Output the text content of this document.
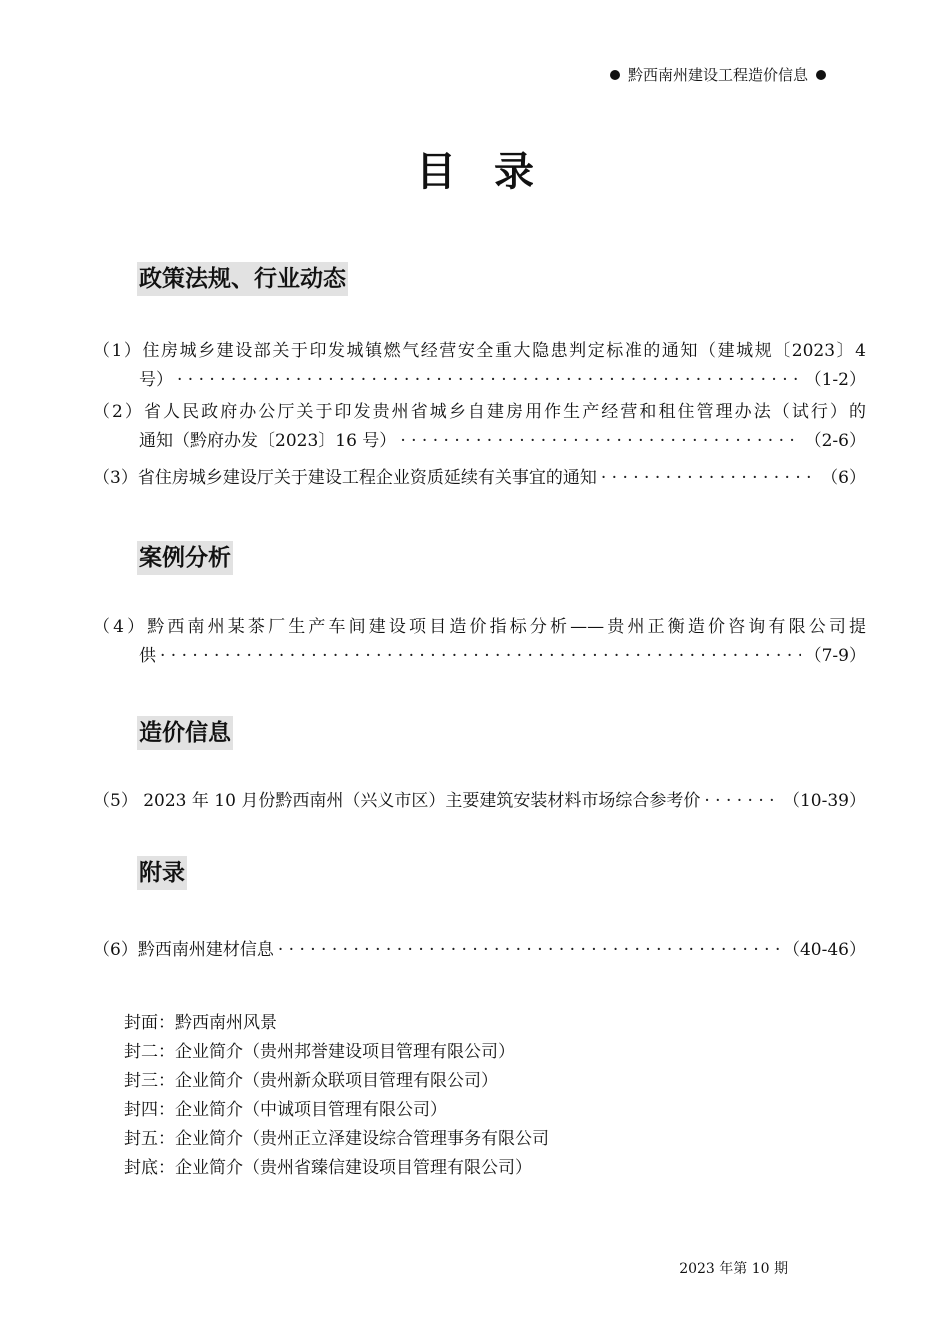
黔西南州建设工程造价信息
目录
政策法规、行业动态
（1）住房城乡建设部关于印发城镇燃气经营安全重大隐患判定标准的通知（建城规〔2023〕4
号） · · ·	（1-2）
（2）省人民政府办公厅关于印发贵州省城乡自建房用作生产经营和租住管理办法（试行）的
通知（黔府办发〔2023〕16 号） · · ·	（2-6）
（3）省住房城乡建设厅关于建设工程企业资质延续有关事宜的通知 · · ·	（6）
案例分析
（4）黔西南州某茶厂生产车间建设项目造价指标分析——贵州正衡造价咨询有限公司提
供 · · ·	（7-9）
造价信息
（5） 2023 年 10 月份黔西南州（兴义市区）主要建筑安装材料市场综合参考价 · · ·	（10-39）
附录
（6）黔西南州建材信息 · · ·	（40-46）
封面：黔西南州风景
封二：企业简介（贵州邦誉建设项目管理有限公司）
封三：企业简介（贵州新众联项目管理有限公司）
封四：企业简介（中诚项目管理有限公司）
封五：企业简介（贵州正立泽建设综合管理事务有限公司
封底：企业简介（贵州省臻信建设项目管理有限公司）
2023 年第 10 期
